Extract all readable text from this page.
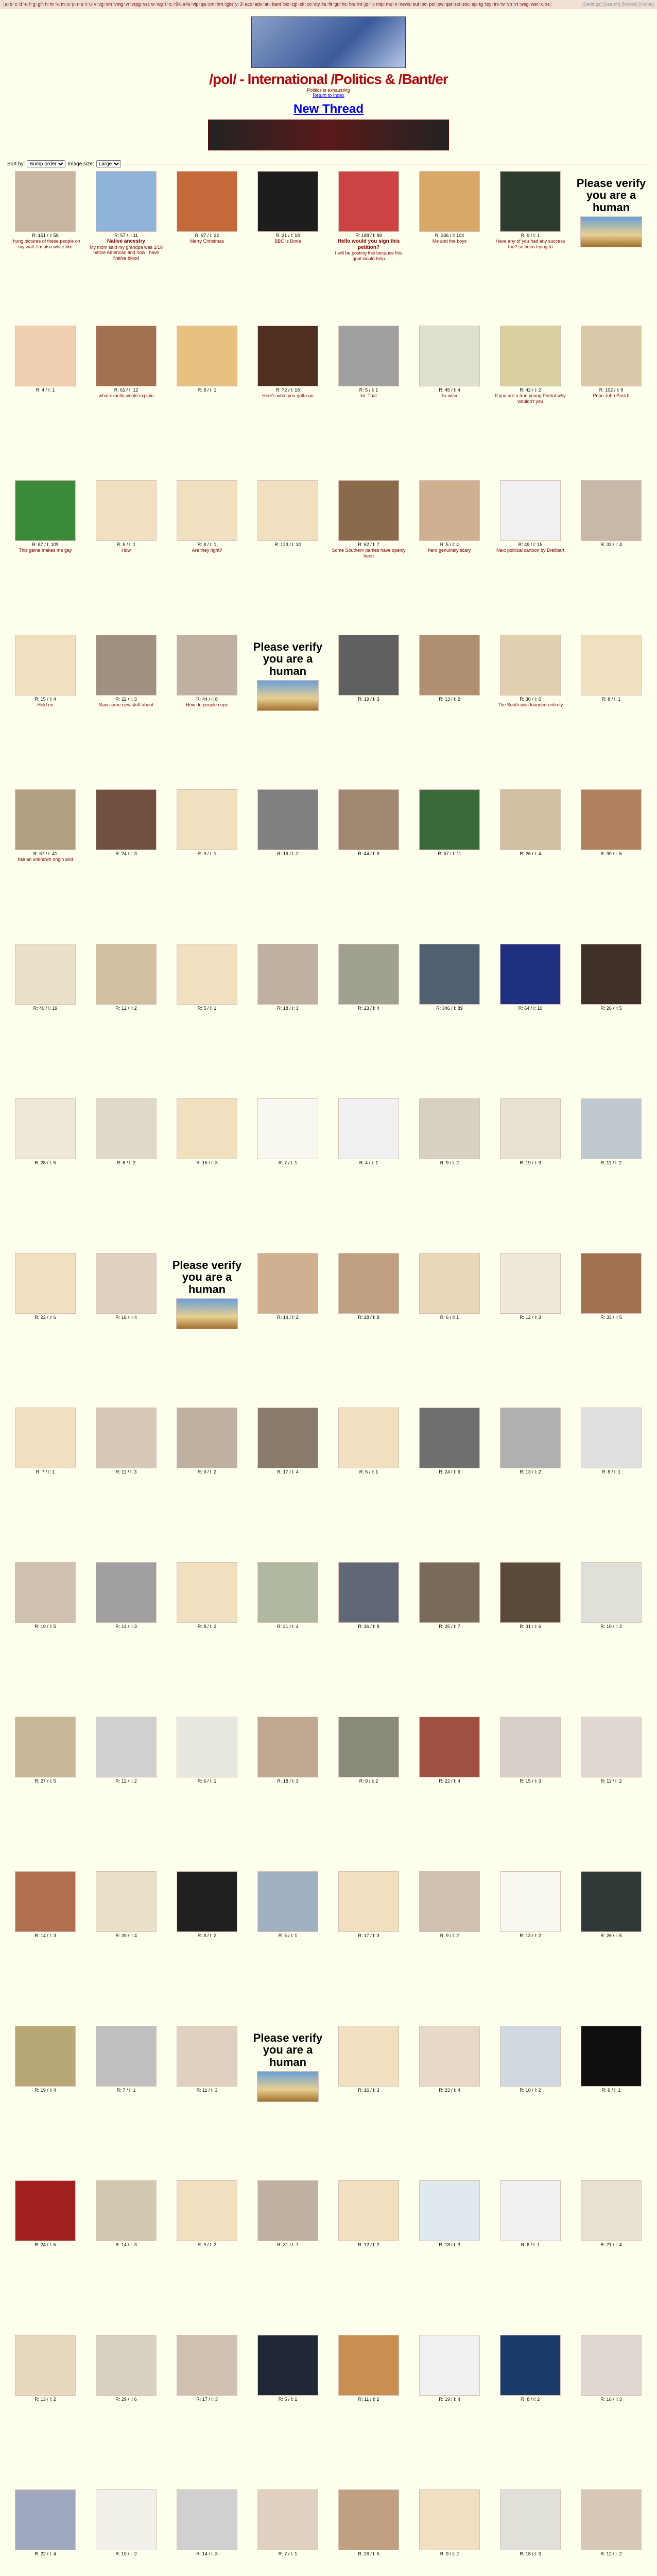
[a/b/c/d/e/f/g/gif/h/hr/k/m/o/p/r/s/t/u/v/vg/vm/vmg/vr/vrpg/vst/w/wg/i/ic/r9k/s4s/vip/qa/cm/hm/lgbt/y/3/aco/adv/an/bant/biz/cgl/ck/co/diy/fa/fit/gd/hc/his/int/jp/lit/mlp/mu/n/news/out/po/pol/pw/qst/sci/soc/sp/tg/toy/trv/tv/vp/vt/wsg/wsr/x/xs]	[Settings] [Search] [Mobile] [Home]
/pol/ - International /Politics & /Bant/er
Politics is exhausting
Return to Index
New Thread
Sort by:
Bump order	Image size:
Large
R: 151 / I: 58
I hung pictures of these people on my wall. I'm also white like
R: 57 / I: 11
Native ancestry
My mom said my grandpa was 1/16 native American and now I have Native blood
R: 97 / I: 22
Merry Christmas
R: 31 / I: 18
BBC is Done
R: 188 / I: 89
Hello would you sign this petition?
I will be posting this because this goal would help
R: 336 / I: 104
Me and the boys
R: 9 / I: 1
Have any of you had any success tho? so been trying to
Please verify you are a human
R: 4 / I: 1	R: 61 / I: 12
what exactly would explain
R: 8 / I: 1	R: 72 / I: 18
Here's what you gotta go
R: 5 / I: 1
lol. That
R: 45 / I: 4
thx wlcm
R: 42 / I: 2
If you are a true young Patriot why wouldn't you
R: 102 / I: 9
Pope John Paul II
R: 87 / I: 109
This game makes me gay
R: 5 / I: 1
How
R: 8 / I: 1
Are they right?
R: 123 / I: 30	R: 62 / I: 7
Some Southern parties have openly been
R: 5 / I: 4
hero genuinely scary
R: 49 / I: 15
Next political cartoon by Breitbart
R: 33 / I: 4
R: 15 / I: 4
Hold on
R: 22 / I: 3
Saw some new stuff about
R: 44 / I: 8
How do people cope
Please verify you are a human
R: 19 / I: 3	R: 13 / I: 2	R: 30 / I: 6
The South was founded entirely
R: 8 / I: 1
R: 67 / I: 41
has an unknown origin and
R: 24 / I: 3	R: 9 / I: 1	R: 16 / I: 2	R: 44 / I: 9	R: 57 / I: 11	R: 26 / I: 4	R: 30 / I: 5
R: 40 / I: 19	R: 12 / I: 2	R: 5 / I: 1	R: 18 / I: 3	R: 23 / I: 4	R: 346 / I: 89	R: 64 / I: 10	R: 26 / I: 5
R: 28 / I: 5	R: 6 / I: 2	R: 15 / I: 3	R: 7 / I: 1	R: 4 / I: 1	R: 9 / I: 2	R: 19 / I: 3	R: 11 / I: 2
R: 22 / I: 6	R: 16 / I: 4
Please verify you are a human
R: 14 / I: 2	R: 28 / I: 8	R: 6 / I: 1	R: 12 / I: 3	R: 33 / I: 5
R: 7 / I: 1	R: 11 / I: 3	R: 9 / I: 2	R: 17 / I: 4	R: 5 / I: 1	R: 24 / I: 6	R: 13 / I: 2	R: 8 / I: 1
R: 19 / I: 5	R: 14 / I: 3	R: 8 / I: 2	R: 21 / I: 4	R: 36 / I: 8	R: 25 / I: 7	R: 31 / I: 6	R: 10 / I: 2
R: 27 / I: 5	R: 12 / I: 2	R: 6 / I: 1	R: 18 / I: 3	R: 9 / I: 2	R: 22 / I: 4	R: 15 / I: 3	R: 11 / I: 2
R: 14 / I: 3	R: 20 / I: 4	R: 8 / I: 2	R: 5 / I: 1	R: 17 / I: 3	R: 9 / I: 2	R: 13 / I: 2	R: 26 / I: 5
R: 19 / I: 4	R: 7 / I: 1	R: 11 / I: 3
Please verify you are a human
R: 16 / I: 3	R: 23 / I: 4	R: 10 / I: 2	R: 6 / I: 1
R: 24 / I: 5	R: 14 / I: 3	R: 9 / I: 2	R: 31 / I: 7	R: 12 / I: 2	R: 18 / I: 3	R: 8 / I: 1	R: 21 / I: 4
R: 13 / I: 2	R: 29 / I: 6	R: 17 / I: 3	R: 5 / I: 1	R: 11 / I: 2	R: 19 / I: 4	R: 8 / I: 2	R: 16 / I: 3
R: 22 / I: 4	R: 10 / I: 2	R: 14 / I: 3	R: 7 / I: 1	R: 26 / I: 5	R: 9 / I: 2	R: 18 / I: 3	R: 12 / I: 2
